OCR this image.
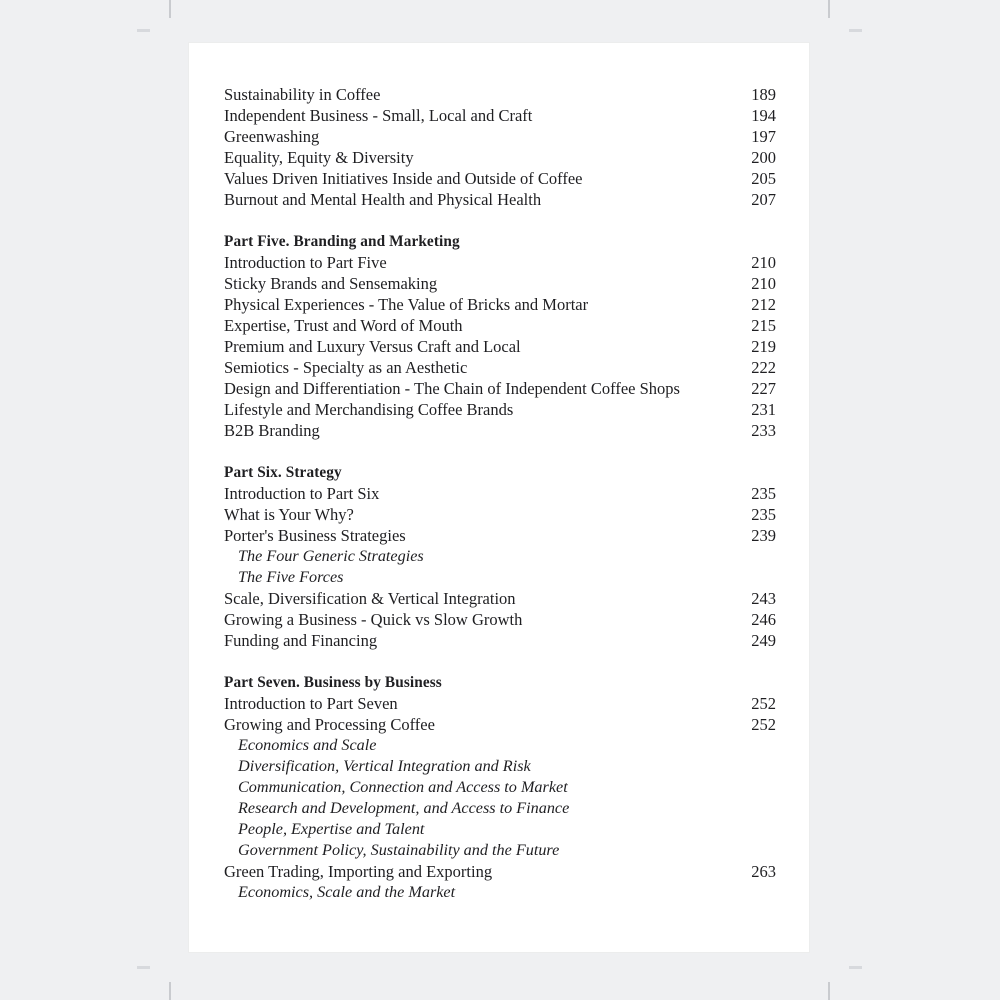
Sustainability in Coffee	189
Independent Business - Small, Local and Craft	194
Greenwashing	197
Equality, Equity & Diversity	200
Values Driven Initiatives Inside and Outside of Coffee	205
Burnout and Mental Health and Physical Health	207
Part Five. Branding and Marketing
Introduction to Part Five	210
Sticky Brands and Sensemaking	210
Physical Experiences - The Value of Bricks and Mortar	212
Expertise, Trust and Word of Mouth	215
Premium and Luxury Versus Craft and Local	219
Semiotics - Specialty as an Aesthetic	222
Design and Differentiation - The Chain of Independent Coffee Shops	227
Lifestyle and Merchandising Coffee Brands	231
B2B Branding	233
Part Six. Strategy
Introduction to Part Six	235
What is Your Why?	235
Porter's Business Strategies	239
The Four Generic Strategies
The Five Forces
Scale, Diversification & Vertical Integration	243
Growing a Business - Quick vs Slow Growth	246
Funding and Financing	249
Part Seven. Business by Business
Introduction to Part Seven	252
Growing and Processing Coffee	252
Economics and Scale
Diversification, Vertical Integration and Risk
Communication, Connection and Access to Market
Research and Development, and Access to Finance
People, Expertise and Talent
Government Policy, Sustainability and the Future
Green Trading, Importing and Exporting	263
Economics, Scale and the Market
